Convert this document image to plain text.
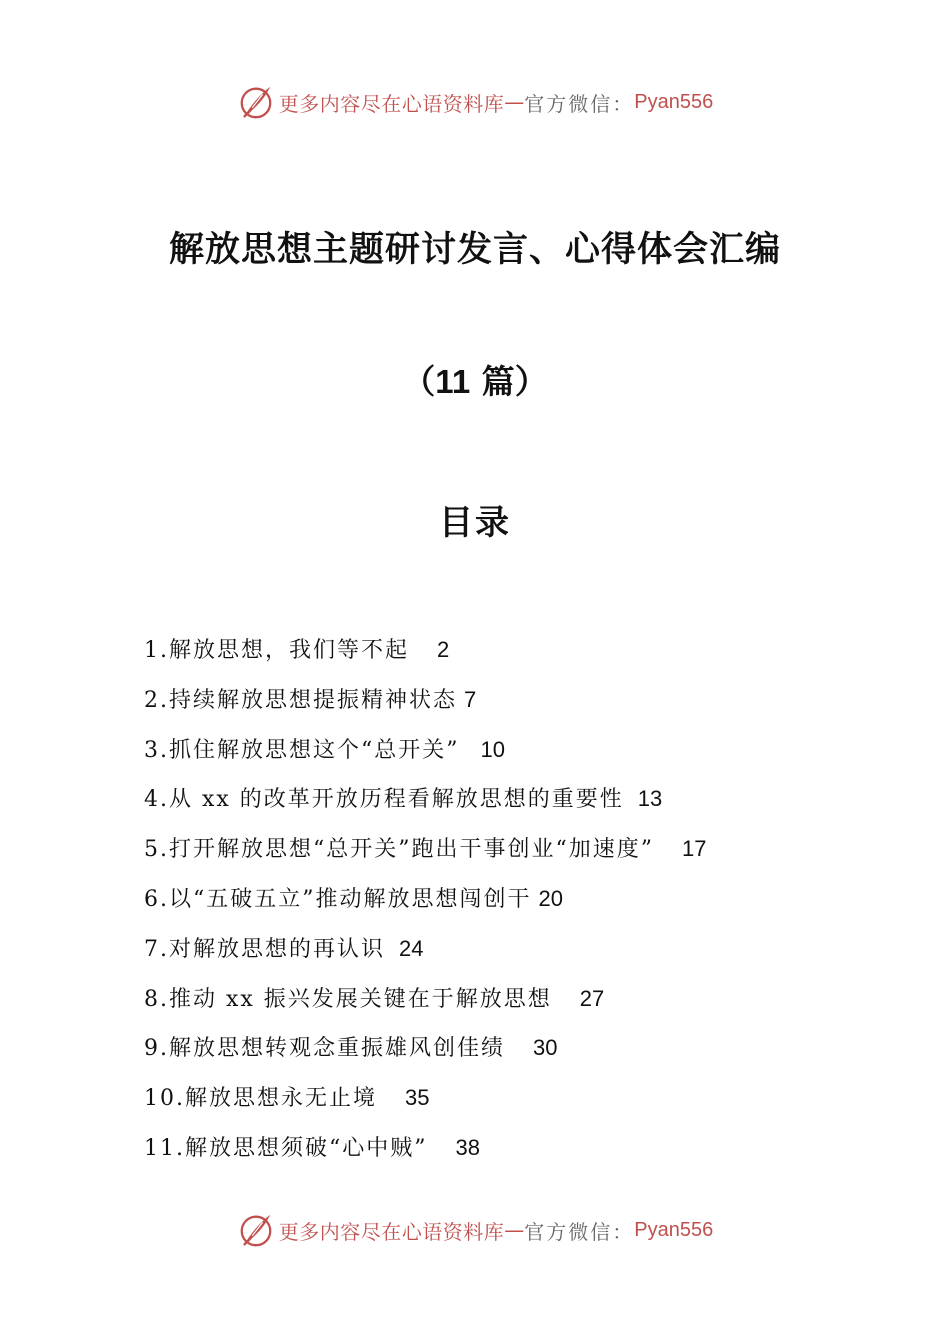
更多内容尽在心语资料库 — 官方微信： Pyan556
解放思想主题研讨发言、心得体会汇编
（11 篇）
目录
1.解放思想，我们等不起 2
2.持续解放思想提振精神状态 7
3.抓住解放思想这个“总开关” 10
4.从 xx 的改革开放历程看解放思想的重要性 13
5.打开解放思想“总开关”跑出干事创业“加速度” 17
6.以“五破五立”推动解放思想闯创干 20
7.对解放思想的再认识 24
8.推动 xx 振兴发展关键在于解放思想 27
9.解放思想转观念重振雄风创佳绩 30
10.解放思想永无止境 35
11.解放思想须破“心中贼” 38
更多内容尽在心语资料库 — 官方微信： Pyan556
